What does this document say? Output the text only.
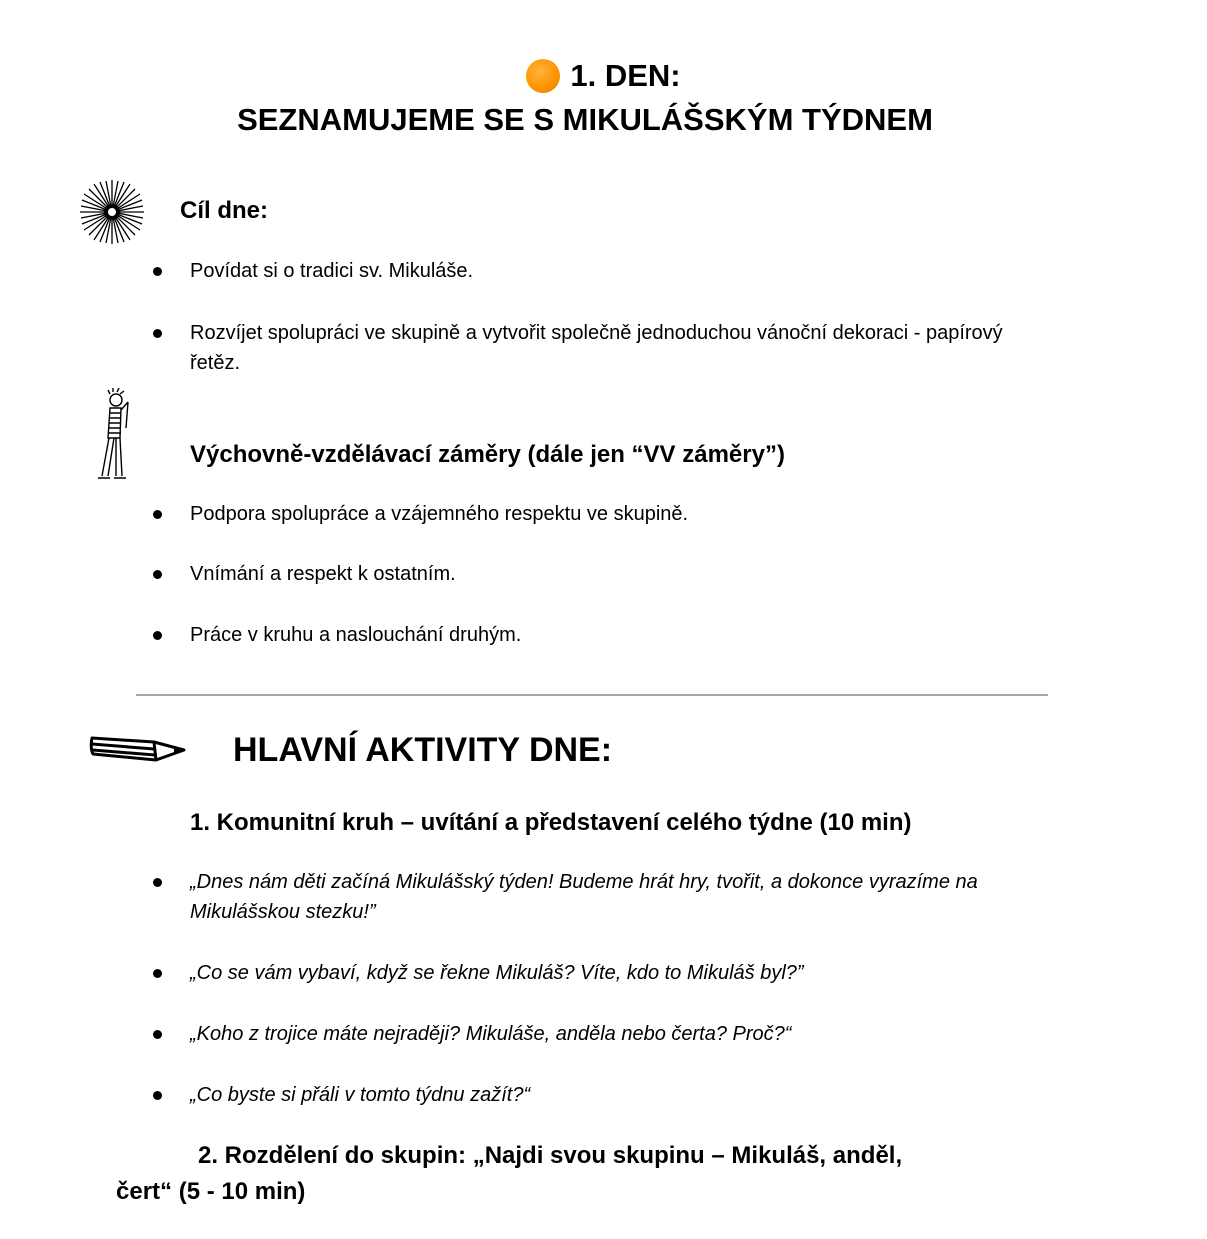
1. DEN:
SEZNAMUJEME SE S MIKULÁŠSKÝM TÝDNEM
Cíl dne:
Povídat si o tradici sv. Mikuláše.
Rozvíjet spolupráci ve skupině a vytvořit společně jednoduchou vánoční dekoraci - papírový řetěz.
Výchovně-vzdělávací záměry (dále jen “VV záměry”)
Podpora spolupráce a vzájemného respektu ve skupině.
Vnímání a respekt k ostatním.
Práce v kruhu a naslouchání druhým.
HLAVNÍ AKTIVITY DNE:
1. Komunitní kruh – uvítání a představení celého týdne (10 min)
„Dnes nám děti začíná Mikulášský týden! Budeme hrát hry, tvořit, a dokonce vyrazíme na Mikulášskou stezku!”
„Co se vám vybaví, když se řekne Mikuláš? Víte, kdo to Mikuláš byl?”
„Koho z trojice máte nejraději? Mikuláše, anděla nebo čerta? Proč?“
„Co byste si přáli v tomto týdnu zažít?“
2. Rozdělení do skupin: „Najdi svou skupinu – Mikuláš, anděl,
čert“ (5 - 10 min)
